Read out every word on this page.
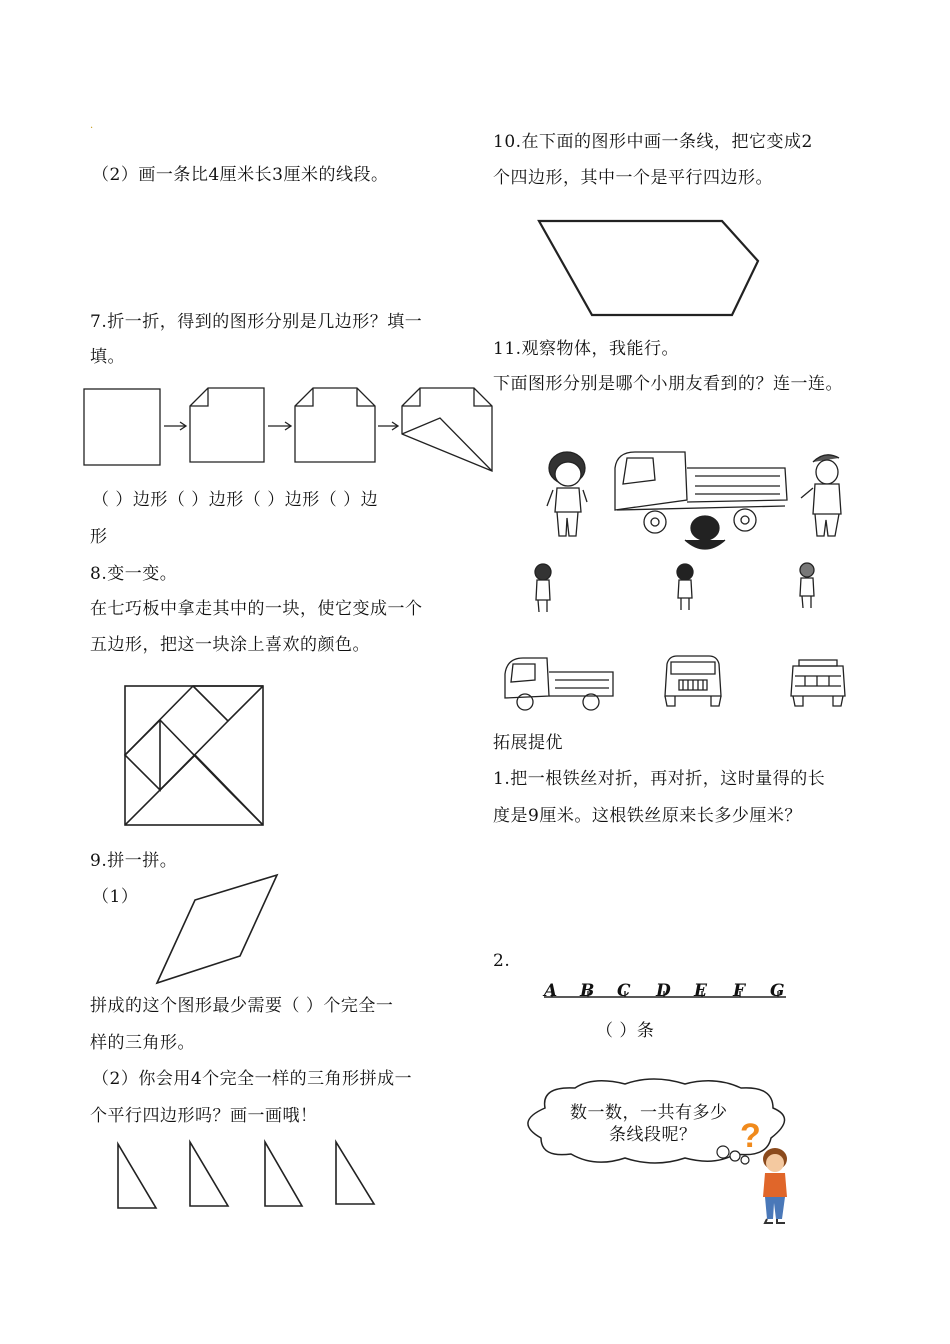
·
（2）画一条比4厘米长3厘米的线段。
7.折一折，得到的图形分别是几边形？填一
填。
（ ）边形（ ）边形（ ）边形（ ）边
形
8.变一变。
在七巧板中拿走其中的一块，使它变成一个
五边形，把这一块涂上喜欢的颜色。
9.拼一拼。
（1）
拼成的这个图形最少需要（ ）个完全一
样的三角形。
（2）你会用4个完全一样的三角形拼成一
个平行四边形吗？画一画哦！
10.在下面的图形中画一条线，把它变成2
个四边形，其中一个是平行四边形。
11.观察物体，我能行。
下面图形分别是哪个小朋友看到的？连一连。
拓展提优
1.把一根铁丝对折，再对折，这时量得的长
度是9厘米。这根铁丝原来长多少厘米？
2.
A B C D E F G
（ ）条
数一数，一共有多少
条线段呢？ ?
